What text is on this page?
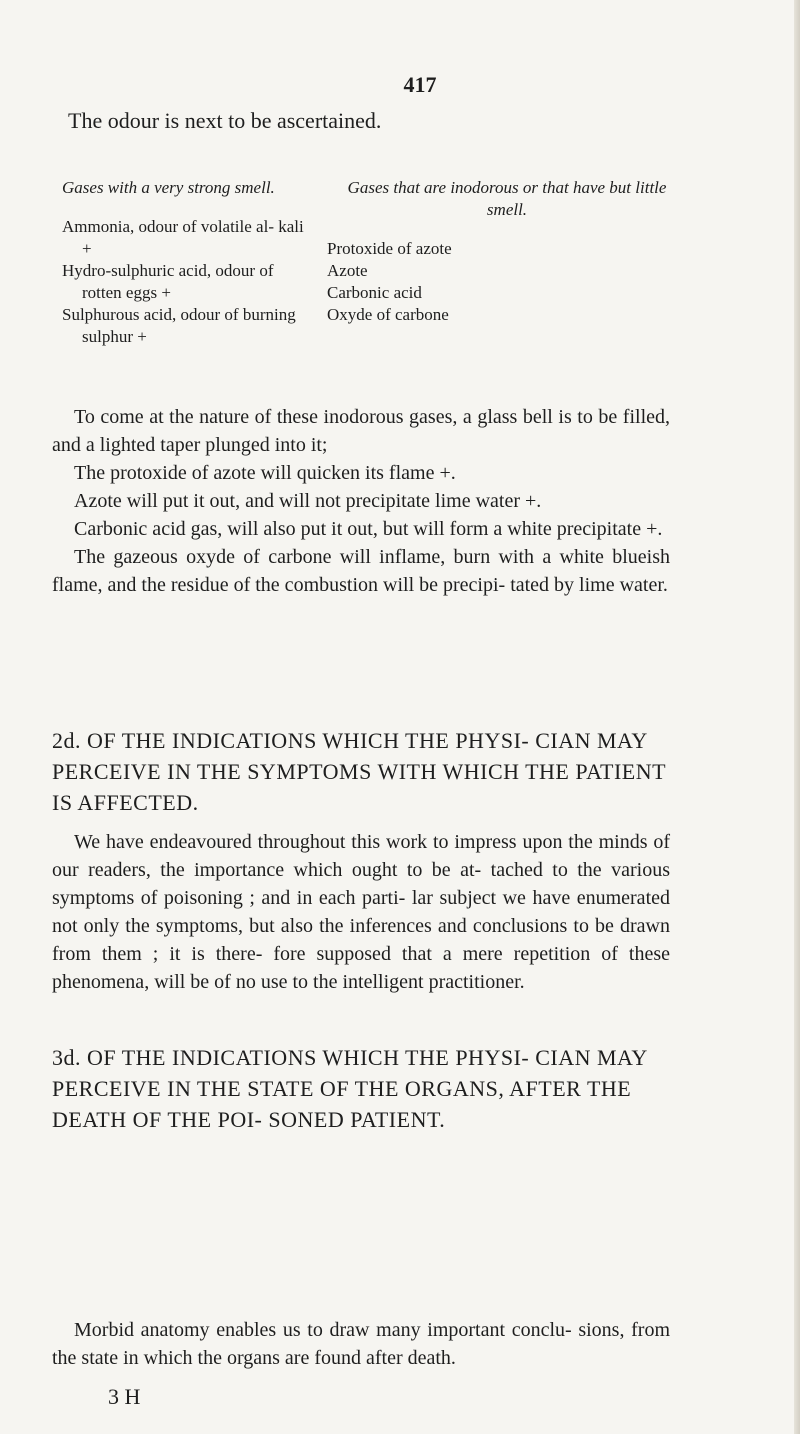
417

The odour is next to be ascertained.

Gases with a very strong smell.

Ammonia, odour of volatile al- kali +

Hydro-sulphuric acid, odour of rotten eggs +

Sulphurous acid, odour of burning sulphur +

Gases that are inodorous or that have but little smell.

Protoxide of azote

Azote

Carbonic acid

Oxyde of carbone

To come at the nature of these inodorous gases, a glass bell is to be filled, and a lighted taper plunged into it;

The protoxide of azote will quicken its flame +.

Azote will put it out, and will not precipitate lime water +.

Carbonic acid gas, will also put it out, but will form a white precipitate +.

The gazeous oxyde of carbone will inflame, burn with a white blueish flame, and the residue of the combustion will be precipi- tated by lime water.

2d. OF THE INDICATIONS WHICH THE PHYSI- CIAN MAY PERCEIVE IN THE SYMPTOMS WITH WHICH THE PATIENT IS AFFECTED.

We have endeavoured throughout this work to impress upon the minds of our readers, the importance which ought to be at- tached to the various symptoms of poisoning ; and in each parti- lar subject we have enumerated not only the symptoms, but also the inferences and conclusions to be drawn from them ; it is there- fore supposed that a mere repetition of these phenomena, will be of no use to the intelligent practitioner.

3d. OF THE INDICATIONS WHICH THE PHYSI- CIAN MAY PERCEIVE IN THE STATE OF THE ORGANS, AFTER THE DEATH OF THE POI- SONED PATIENT.

Morbid anatomy enables us to draw many important conclu- sions, from the state in which the organs are found after death.

3 H
